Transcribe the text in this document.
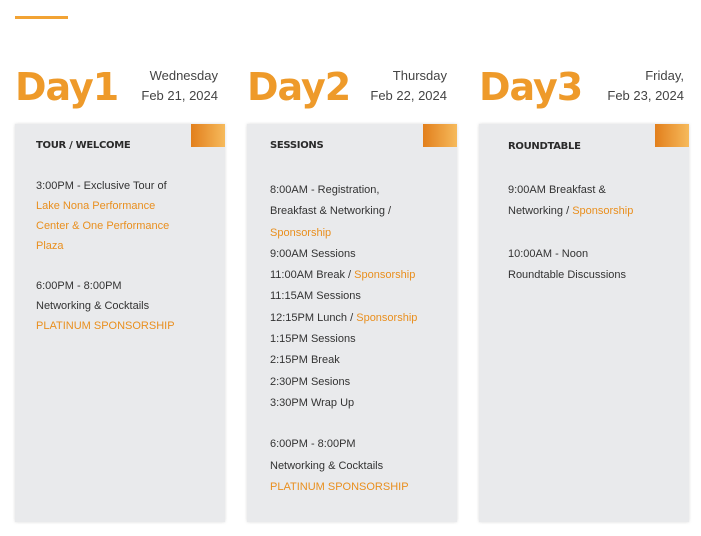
Day1	Wednesday
Feb 21, 2024
TOUR / WELCOME
3:00PM - Exclusive Tour of
Lake Nona Performance
Center & One Performance
Plaza
6:00PM - 8:00PM
Networking & Cocktails
PLATINUM SPONSORSHIP
Day2	Thursday
Feb 22, 2024
SESSIONS
8:00AM - Registration,
Breakfast & Networking /
Sponsorship
9:00AM Sessions
11:00AM Break / Sponsorship
11:15AM Sessions
12:15PM Lunch / Sponsorship
1:15PM Sessions
2:15PM Break
2:30PM Sesions
3:30PM Wrap Up
6:00PM - 8:00PM
Networking & Cocktails
PLATINUM SPONSORSHIP
Day3	Friday,
Feb 23, 2024
ROUNDTABLE
9:00AM Breakfast &
Networking / Sponsorship
10:00AM - Noon
Roundtable Discussions
